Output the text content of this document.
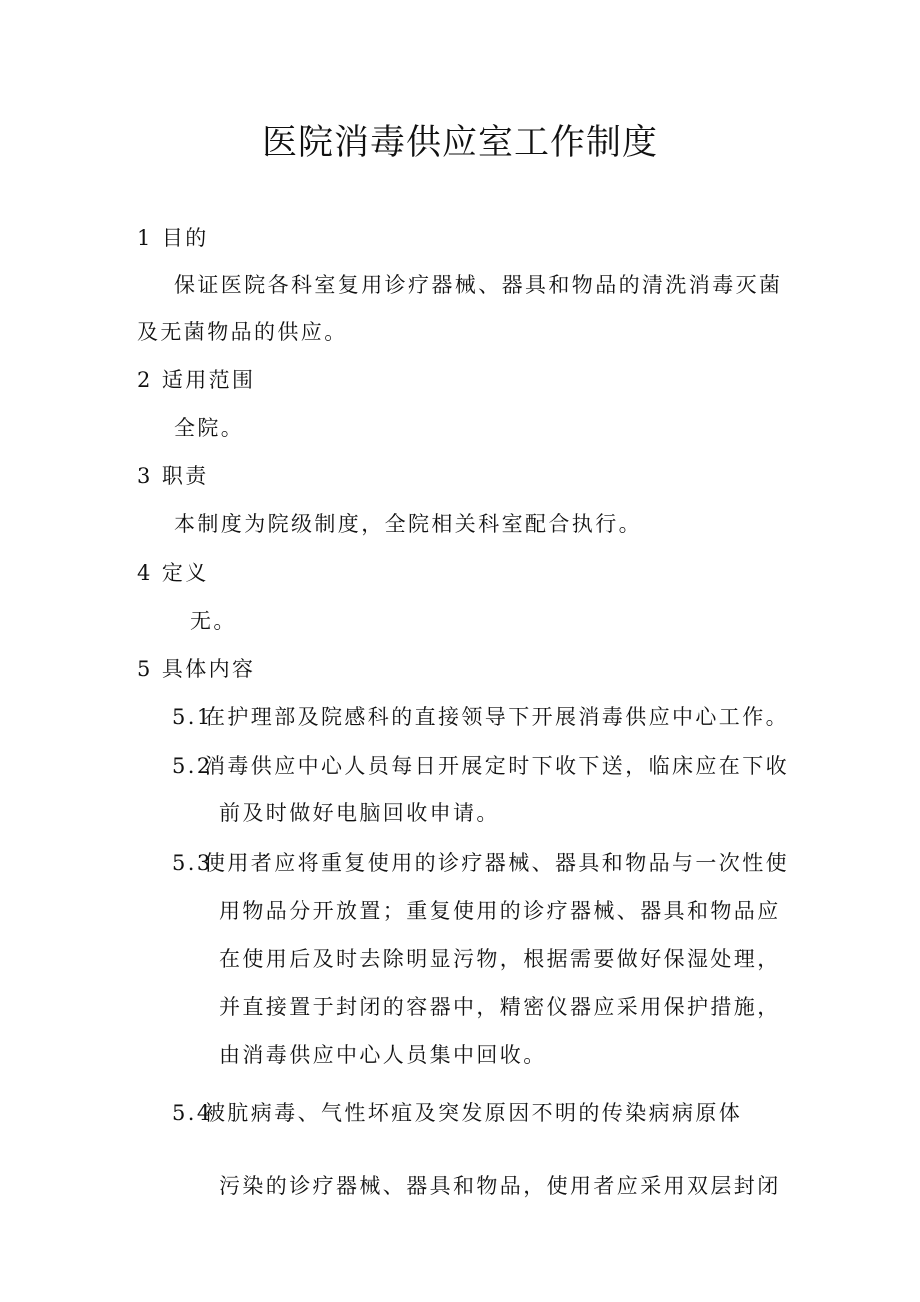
医院消毒供应室工作制度
1 目的
保证医院各科室复用诊疗器械、器具和物品的清洗消毒灭菌
及无菌物品的供应。
2 适用范围
全院。
3 职责
本制度为院级制度，全院相关科室配合执行。
4 定义
无。
5 具体内容
5.1
在护理部及院感科的直接领导下开展消毒供应中心工作。
5.2
消毒供应中心人员每日开展定时下收下送，临床应在下收
前及时做好电脑回收申请。
5.3
使用者应将重复使用的诊疗器械、器具和物品与一次性使
用物品分开放置；重复使用的诊疗器械、器具和物品应
在使用后及时去除明显污物，根据需要做好保湿处理，
并直接置于封闭的容器中，精密仪器应采用保护措施，
由消毒供应中心人员集中回收。
5.4
被肮病毒、气性坏疽及突发原因不明的传染病病原体
污染的诊疗器械、器具和物品，使用者应采用双层封闭
